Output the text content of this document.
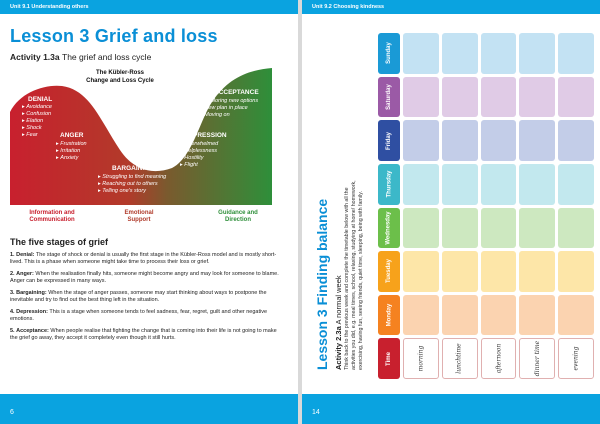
Unit 9.1 Understanding others
Lesson 3 Grief and loss
Activity 1.3a The grief and loss cycle
The Kübler-Ross
Change and Loss Cycle
DENIAL
▸ Avoidance
▸ Confusion
▸ Elation
▸ Shock
▸ Fear	ANGER
▸ Frustration
▸ Irritation
▸ Anxiety
BARGAINING
▸ Struggling to find meaning
▸ Reaching out to others
▸ Telling one's story
DEPRESSION
▸ Overwhelmed
▸ Helplessness
▸ Hostility
▸ Flight
ACCEPTANCE
▸ Exploring new options
▸ New plan in place
▸ Moving on
Information and
Communication
Emotional
Support
Guidance and
Direction
The five stages of grief
1. Denial: The stage of shock or denial is usually the first stage in the Kübler-Ross model and is mostly short-lived. This is a phase when someone might take time to process their loss or grief.
2. Anger: When the realisation finally hits, someone might become angry and may look for someone to blame. Anger can be expressed in many ways.
3. Bargaining: When the stage of anger passes, someone may start thinking about ways to postpone the inevitable and try to find out the best thing left in the situation.
4. Depression: This is a stage when someone tends to feel sadness, fear, regret, guilt and other negative emotions.
5. Acceptance: When people realise that fighting the change that is coming into their life is not going to make the grief go away, they accept it completely even though it still hurts.
6
Unit 9.2 Choosing kindness
Lesson 3 Finding balance Activity 2.3a A normal week Think back to the previous week and complete the timetable below with all the activities you did, e.g. meal times, school, relaxing, studying at home/ homework, exercising, having fun, seeing friends, quiet time, sleeping, being with family.
Sunday
Saturday
Friday
Thursday
Wednesday
Tuesday
Monday
Time	morning	lunchtime	afternoon	dinner time	evening
14
